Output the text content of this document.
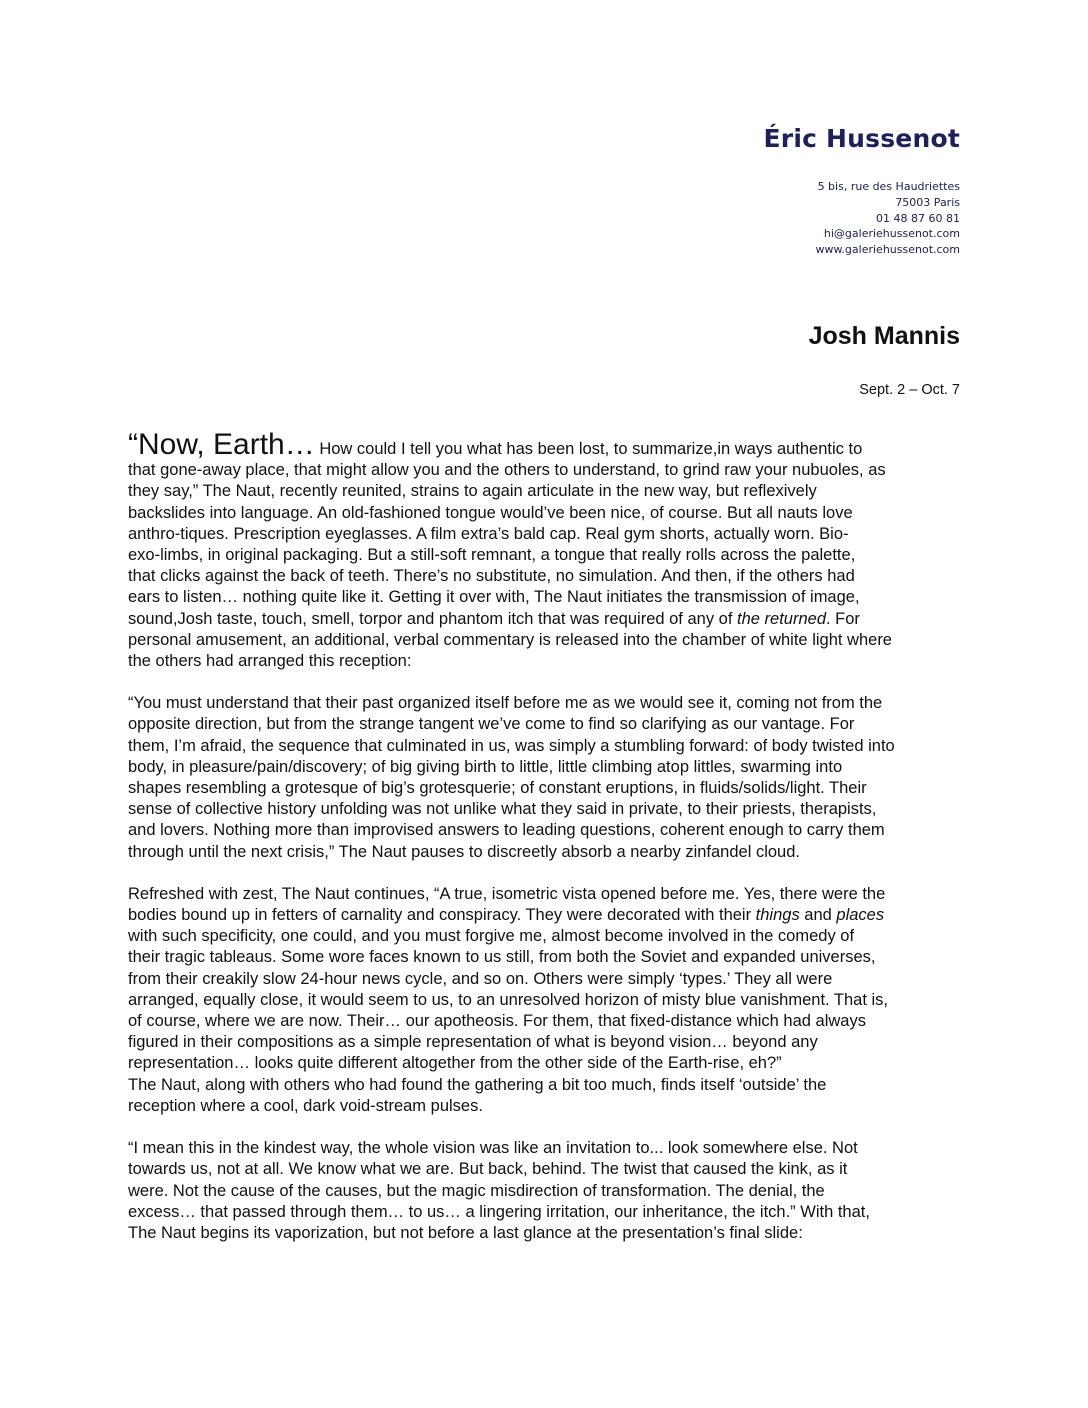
Éric Hussenot
5 bis, rue des Haudriettes
75003 Paris
01 48 87 60 81
hi@galeriehussenot.com
www.galeriehussenot.com
Josh Mannis
Sept. 2 – Oct. 7

“Now, Earth… How could I tell you what has been lost, to summarize,in ways authentic to
that gone-away place, that might allow you and the others to understand, to grind raw your nubuoles, as
they say,” The Naut, recently reunited, strains to again articulate in the new way, but reflexively
backslides into language. An old-fashioned tongue would’ve been nice, of course. But all nauts love
anthro-tiques. Prescription eyeglasses. A film extra’s bald cap. Real gym shorts, actually worn. Bio-
exo-limbs, in original packaging. But a still-soft remnant, a tongue that really rolls across the palette,
that clicks against the back of teeth. There’s no substitute, no simulation. And then, if the others had
ears to listen… nothing quite like it. Getting it over with, The Naut initiates the transmission of image,
sound,Josh taste, touch, smell, torpor and phantom itch that was required of any of the returned. For
personal amusement, an additional, verbal commentary is released into the chamber of white light where
the others had arranged this reception:

“You must understand that their past organized itself before me as we would see it, coming not from the
opposite direction, but from the strange tangent we’ve come to find so clarifying as our vantage. For
them, I’m afraid, the sequence that culminated in us, was simply a stumbling forward: of body twisted into
body, in pleasure/pain/discovery; of big giving birth to little, little climbing atop littles, swarming into
shapes resembling a grotesque of big’s grotesquerie; of constant eruptions, in fluids/solids/light. Their
sense of collective history unfolding was not unlike what they said in private, to their priests, therapists,
and lovers. Nothing more than improvised answers to leading questions, coherent enough to carry them
through until the next crisis,” The Naut pauses to discreetly absorb a nearby zinfandel cloud.

Refreshed with zest, The Naut continues, “A true, isometric vista opened before me. Yes, there were the
bodies bound up in fetters of carnality and conspiracy. They were decorated with their things and places
with such specificity, one could, and you must forgive me, almost become involved in the comedy of
their tragic tableaus. Some wore faces known to us still, from both the Soviet and expanded universes,
from their creakily slow 24-hour news cycle, and so on. Others were simply ‘types.’ They all were
arranged, equally close, it would seem to us, to an unresolved horizon of misty blue vanishment. That is,
of course, where we are now. Their… our apotheosis. For them, that fixed-distance which had always
figured in their compositions as a simple representation of what is beyond vision… beyond any
representation… looks quite different altogether from the other side of the Earth-rise, eh?”

The Naut, along with others who had found the gathering a bit too much, finds itself ‘outside’ the
reception where a cool, dark void-stream pulses.

“I mean this in the kindest way, the whole vision was like an invitation to... look somewhere else. Not
towards us, not at all. We know what we are. But back, behind. The twist that caused the kink, as it
were. Not the cause of the causes, but the magic misdirection of transformation. The denial, the
excess… that passed through them… to us… a lingering irritation, our inheritance, the itch.” With that,
The Naut begins its vaporization, but not before a last glance at the presentation’s final slide:
